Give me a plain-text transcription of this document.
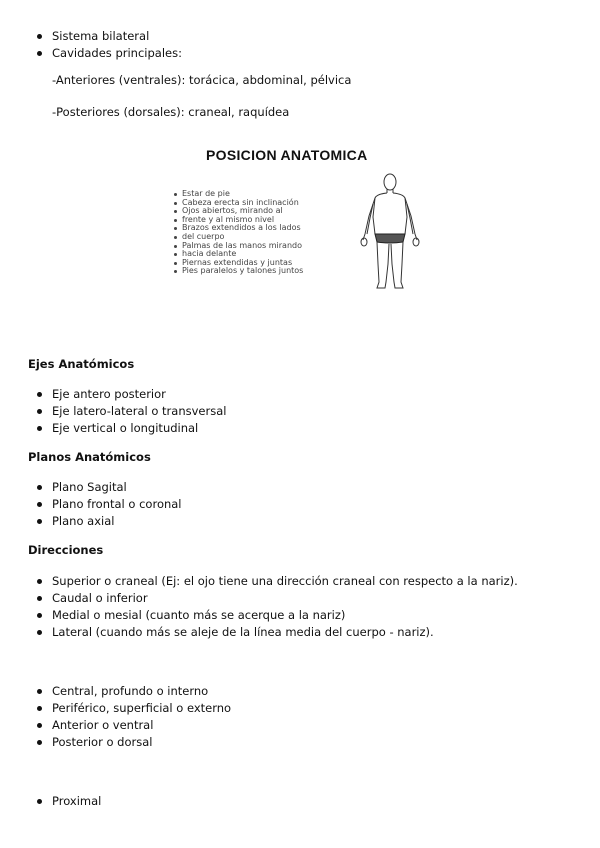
Sistema bilateral
Cavidades principales:
-Anteriores (ventrales): torácica, abdominal, pélvica
-Posteriores (dorsales): craneal, raquídea
POSICION ANATOMICA
Estar de pie
Cabeza erecta sin inclinación
Ojos abiertos, mirando al
frente y al mismo nivel
Brazos extendidos a los lados
del cuerpo
Palmas de las manos mirando
hacia delante
Piernas extendidas y juntas
Pies paralelos y talones juntos
Ejes Anatómicos
Eje antero posterior
Eje latero-lateral o transversal
Eje vertical o longitudinal
Planos Anatómicos
Plano Sagital
Plano frontal o coronal
Plano axial
Direcciones
Superior o craneal (Ej: el ojo tiene una dirección craneal con respecto a la nariz).
Caudal o inferior
Medial o mesial (cuanto más se acerque a la nariz)
Lateral (cuando más se aleje de la línea media del cuerpo - nariz).
Central, profundo o interno
Periférico, superficial o externo
Anterior o ventral
Posterior o dorsal
Proximal
